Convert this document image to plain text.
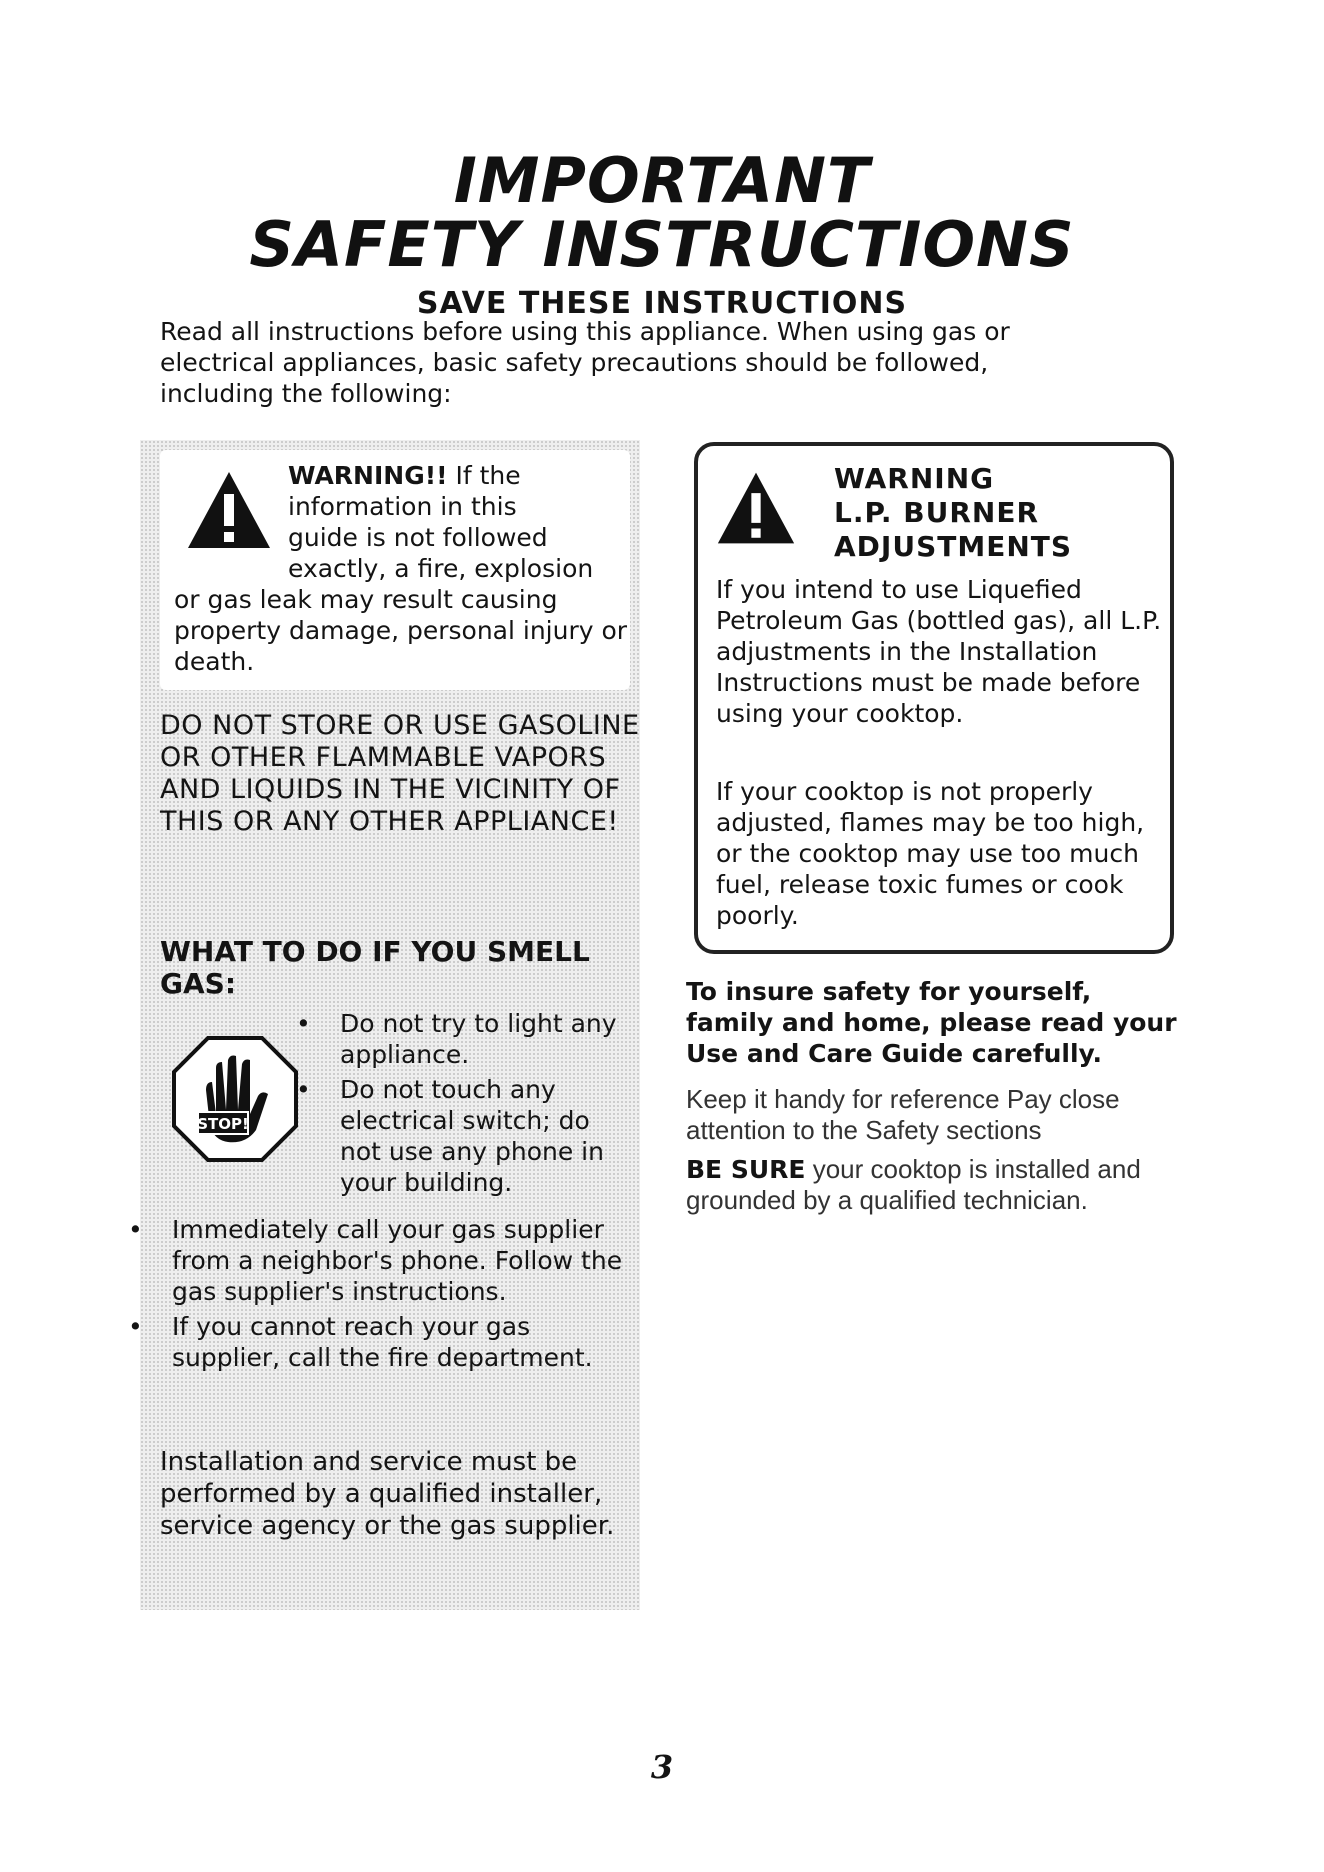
IMPORTANT
SAFETY INSTRUCTIONS
SAVE THESE INSTRUCTIONS

Read all instructions before using this appliance. When using gas or electrical appliances, basic safety precautions should be followed, including the following:

WARNING!! If the
information in this
guide is not followed
exactly, a fire, explosion
or gas leak may result causing property damage, personal injury or death.
DO NOT STORE OR USE GASOLINE OR OTHER FLAMMABLE VAPORS AND LIQUIDS IN THE VICINITY OF THIS OR ANY OTHER APPLIANCE!
WHAT TO DO IF YOU SMELL GAS:
STOP!
• Do not try to light any appliance.
• Do not touch any electrical switch; do not use any phone in your building.
• Immediately call your gas supplier from a neighbor's phone. Follow the gas supplier's instructions.
• If you cannot reach your gas supplier, call the fire department.
Installation and service must be performed by a qualified installer, service agency or the gas supplier.
WARNING
L.P. BURNER
ADJUSTMENTS

If you intend to use Liquefied Petroleum Gas (bottled gas), all L.P. adjustments in the Installation Instructions must be made before using your cooktop.

If your cooktop is not properly adjusted, flames may be too high, or the cooktop may use too much fuel, release toxic fumes or cook poorly.

To insure safety for yourself, family and home, please read your Use and Care Guide carefully.

Keep it handy for reference Pay close attention to the Safety sections

BE SURE your cooktop is installed and grounded by a qualified technician.

3
